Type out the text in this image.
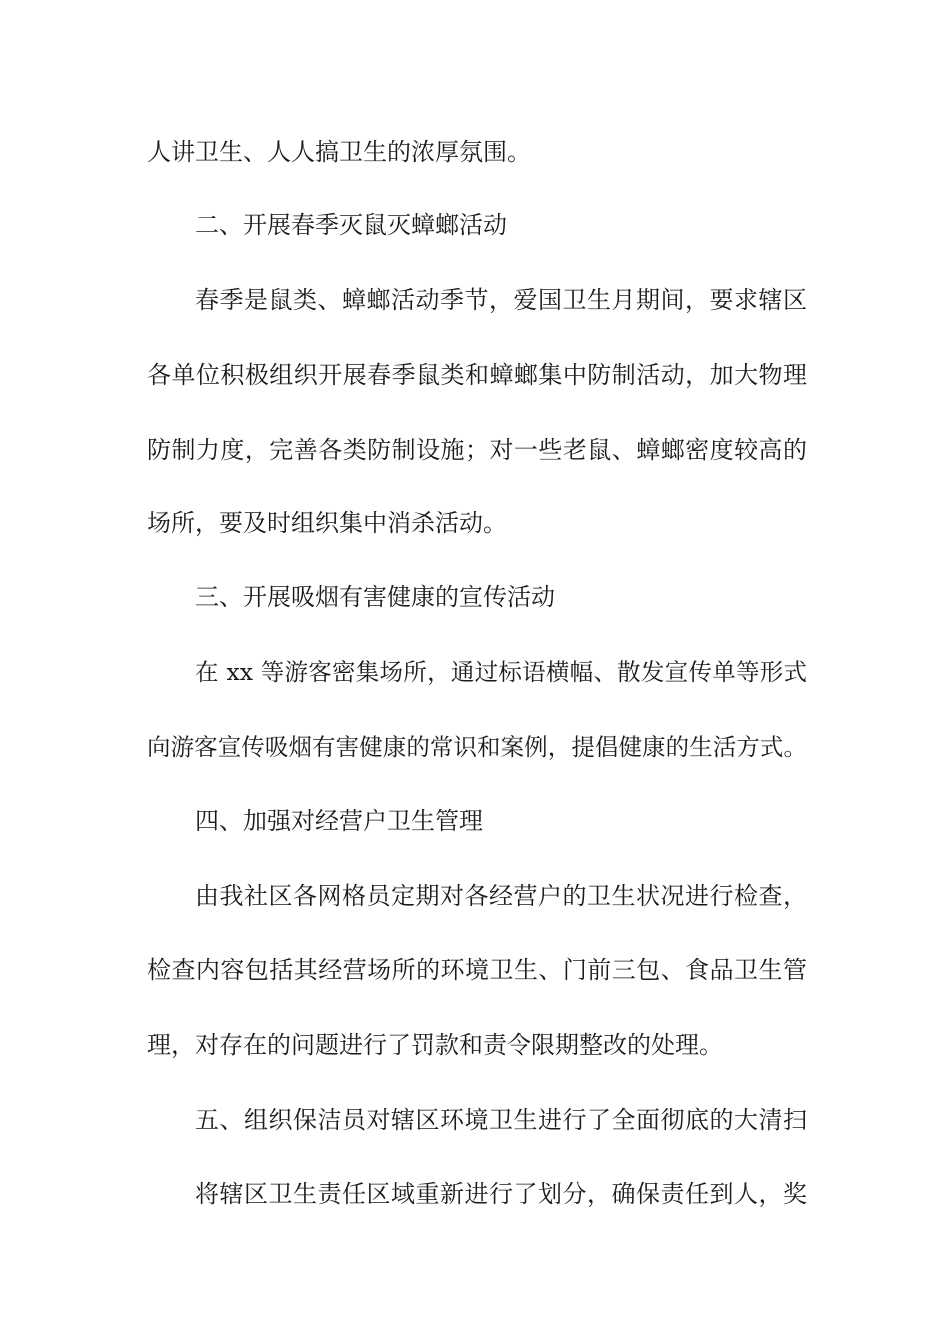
人讲卫生、人人搞卫生的浓厚氛围。
二、开展春季灭鼠灭蟑螂活动
春季是鼠类、蟑螂活动季节，爱国卫生月期间，要求辖区
各单位积极组织开展春季鼠类和蟑螂集中防制活动，加大物理
防制力度，完善各类防制设施；对一些老鼠、蟑螂密度较高的
场所，要及时组织集中消杀活动。
三、开展吸烟有害健康的宣传活动
在 xx 等游客密集场所，通过标语横幅、散发宣传单等形式
向游客宣传吸烟有害健康的常识和案例，提倡健康的生活方式。
四、加强对经营户卫生管理
由我社区各网格员定期对各经营户的卫生状况进行检查，
检查内容包括其经营场所的环境卫生、门前三包、食品卫生管
理，对存在的问题进行了罚款和责令限期整改的处理。
五、组织保洁员对辖区环境卫生进行了全面彻底的大清扫
将辖区卫生责任区域重新进行了划分，确保责任到人，奖
